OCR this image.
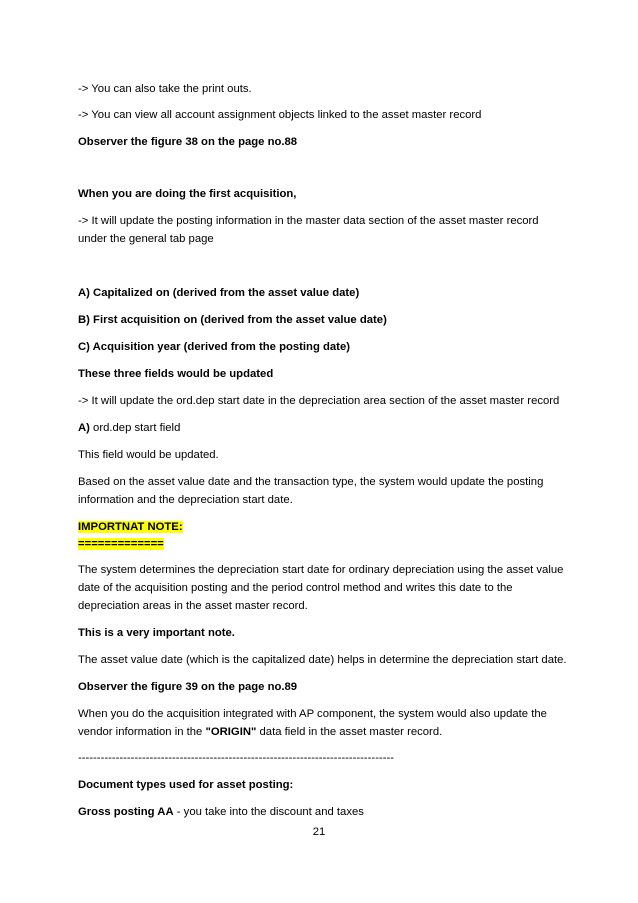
-> You can also take the print outs.

-> You can view all account assignment objects linked to the asset master record

Observer the figure 38 on the page no.88

When you are doing the first acquisition,

-> It will update the posting information in the master data section of the asset master record under the general tab page

A) Capitalized on (derived from the asset value date)

B) First acquisition on (derived from the asset value date)

C) Acquisition year (derived from the posting date)

These three fields would be updated

-> It will update the ord.dep start date in the depreciation area section of the asset master record

A) ord.dep start field

This field would be updated.

Based on the asset value date and the transaction type, the system would update the posting information and the depreciation start date.

IMPORTNAT NOTE:

=============

The system determines the depreciation start date for ordinary depreciation using the asset value date of the acquisition posting and the period control method and writes this date to the depreciation areas in the asset master record.

This is a very important note.

The asset value date (which is the capitalized date) helps in determine the depreciation start date.

Observer the figure 39 on the page no.89

When you do the acquisition integrated with AP component, the system would also update the vendor information in the "ORIGIN" data field in the asset master record.

------------------------------------------------------------------------------------

Document types used for asset posting:

Gross posting AA - you take into the discount and taxes

21
